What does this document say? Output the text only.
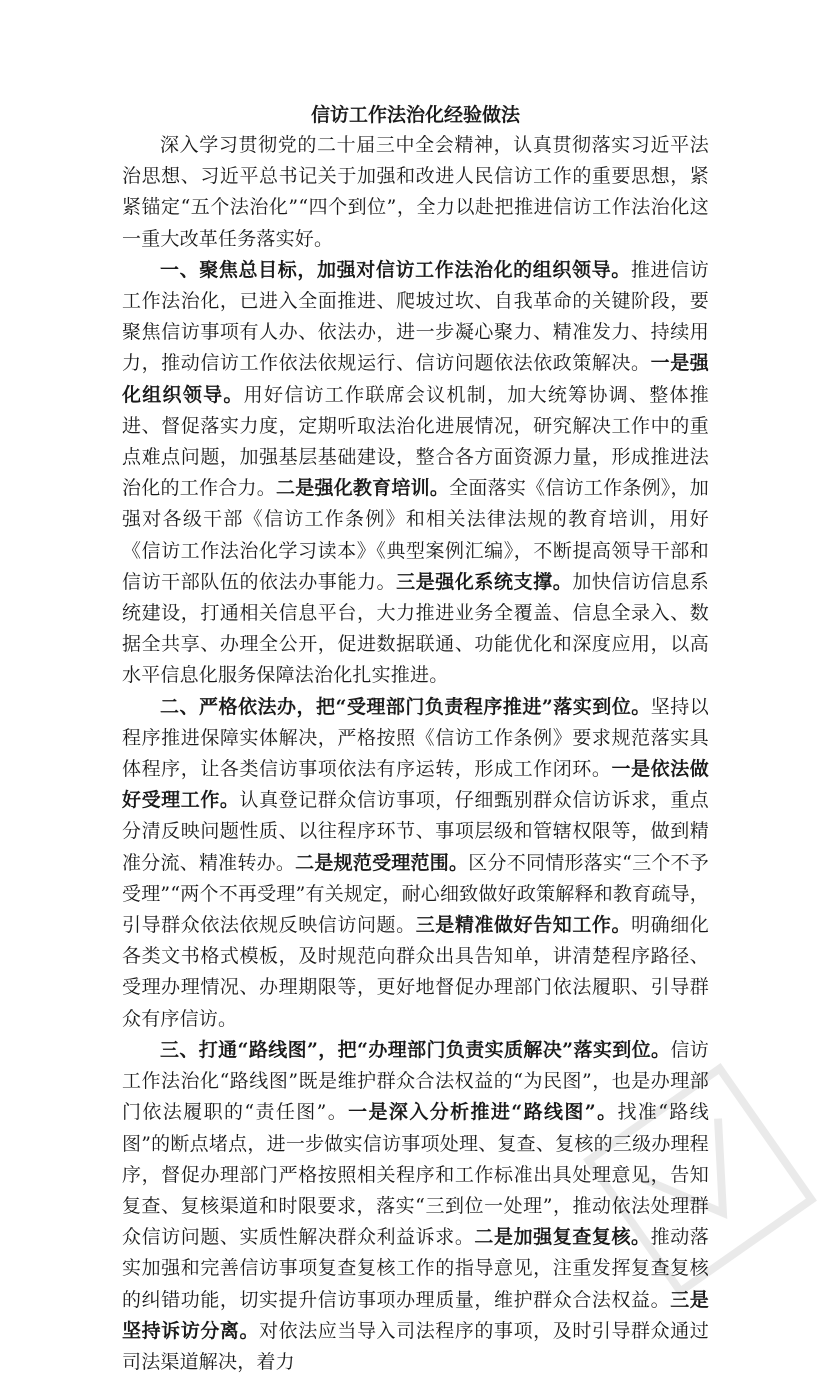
信访工作法治化经验做法

深入学习贯彻党的二十届三中全会精神，认真贯彻落实习近平法治思想、习近平总书记关于加强和改进人民信访工作的重要思想，紧紧锚定“五个法治化”“四个到位”，全力以赴把推进信访工作法治化这一重大改革任务落实好。

一、聚焦总目标，加强对信访工作法治化的组织领导。推进信访工作法治化，已进入全面推进、爬坡过坎、自我革命的关键阶段，要聚焦信访事项有人办、依法办，进一步凝心聚力、精准发力、持续用力，推动信访工作依法依规运行、信访问题依法依政策解决。一是强化组织领导。用好信访工作联席会议机制，加大统筹协调、整体推进、督促落实力度，定期听取法治化进展情况，研究解决工作中的重点难点问题，加强基层基础建设，整合各方面资源力量，形成推进法治化的工作合力。二是强化教育培训。全面落实《信访工作条例》，加强对各级干部《信访工作条例》和相关法律法规的教育培训，用好《信访工作法治化学习读本》《典型案例汇编》，不断提高领导干部和信访干部队伍的依法办事能力。三是强化系统支撑。加快信访信息系统建设，打通相关信息平台，大力推进业务全覆盖、信息全录入、数据全共享、办理全公开，促进数据联通、功能优化和深度应用，以高水平信息化服务保障法治化扎实推进。

二、严格依法办，把“受理部门负责程序推进”落实到位。坚持以程序推进保障实体解决，严格按照《信访工作条例》要求规范落实具体程序，让各类信访事项依法有序运转，形成工作闭环。一是依法做好受理工作。认真登记群众信访事项，仔细甄别群众信访诉求，重点分清反映问题性质、以往程序环节、事项层级和管辖权限等，做到精准分流、精准转办。二是规范受理范围。区分不同情形落实“三个不予受理”“两个不再受理”有关规定，耐心细致做好政策解释和教育疏导，引导群众依法依规反映信访问题。三是精准做好告知工作。明确细化各类文书格式模板，及时规范向群众出具告知单，讲清楚程序路径、受理办理情况、办理期限等，更好地督促办理部门依法履职、引导群众有序信访。

三、打通“路线图”，把“办理部门负责实质解决”落实到位。信访工作法治化“路线图”既是维护群众合法权益的“为民图”，也是办理部门依法履职的“责任图”。一是深入分析推进“路线图”。找准“路线图”的断点堵点，进一步做实信访事项处理、复查、复核的三级办理程序，督促办理部门严格按照相关程序和工作标准出具处理意见，告知复查、复核渠道和时限要求，落实“三到位一处理”，推动依法处理群众信访问题、实质性解决群众利益诉求。二是加强复查复核。推动落实加强和完善信访事项复查复核工作的指导意见，注重发挥复查复核的纠错功能，切实提升信访事项办理质量，维护群众合法权益。三是坚持诉访分离。对依法应当导入司法程序的事项，及时引导群众通过司法渠道解决，着力
